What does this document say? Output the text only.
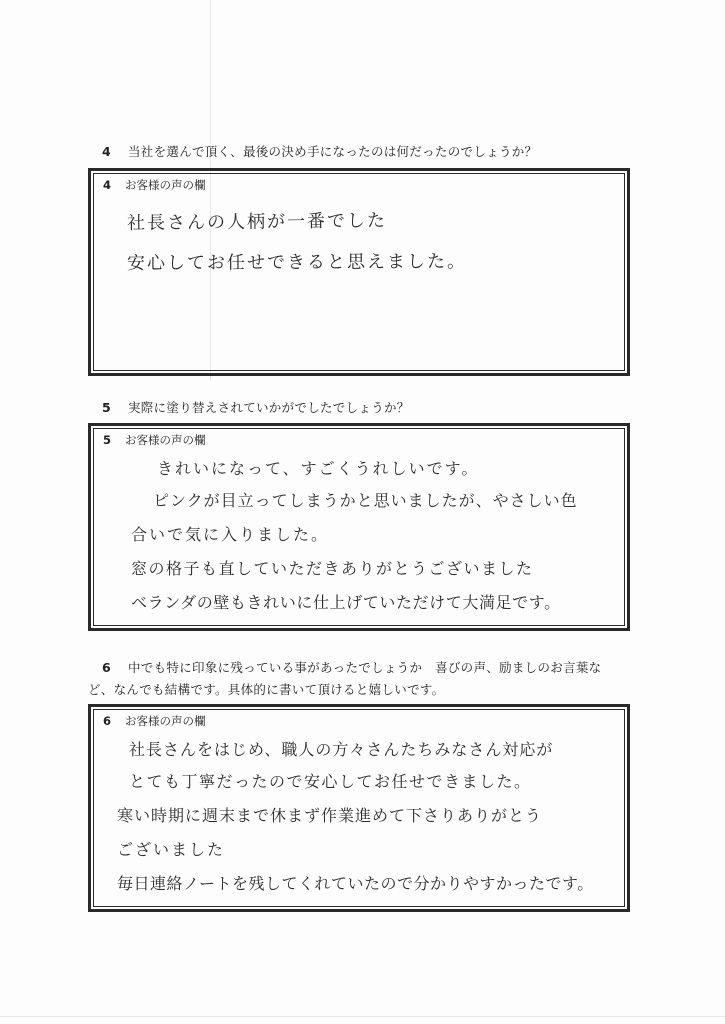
4 当社を選んで頂く、最後の決め手になったのは何だったのでしょうか？
4 お客様の声の欄
社長さんの人柄が一番でした
安心してお任せできると思えました。
5 実際に塗り替えされていかがでしたでしょうか？
5 お客様の声の欄
きれいになって、すごくうれしいです。
ピンクが目立ってしまうかと思いましたが、やさしい色
合いで気に入りました。
窓の格子も直していただきありがとうございました
ベランダの壁もきれいに仕上げていただけて大満足です。
6 中でも特に印象に残っている事があったでしょうか　喜びの声、励ましのお言葉な
ど、なんでも結構です。具体的に書いて頂けると嬉しいです。
6 お客様の声の欄
社長さんをはじめ、職人の方々さんたちみなさん対応が
とても丁寧だったので安心してお任せできました。
寒い時期に週末まで休まず作業進めて下さりありがとう
ございました
毎日連絡ノートを残してくれていたので分かりやすかったです。
